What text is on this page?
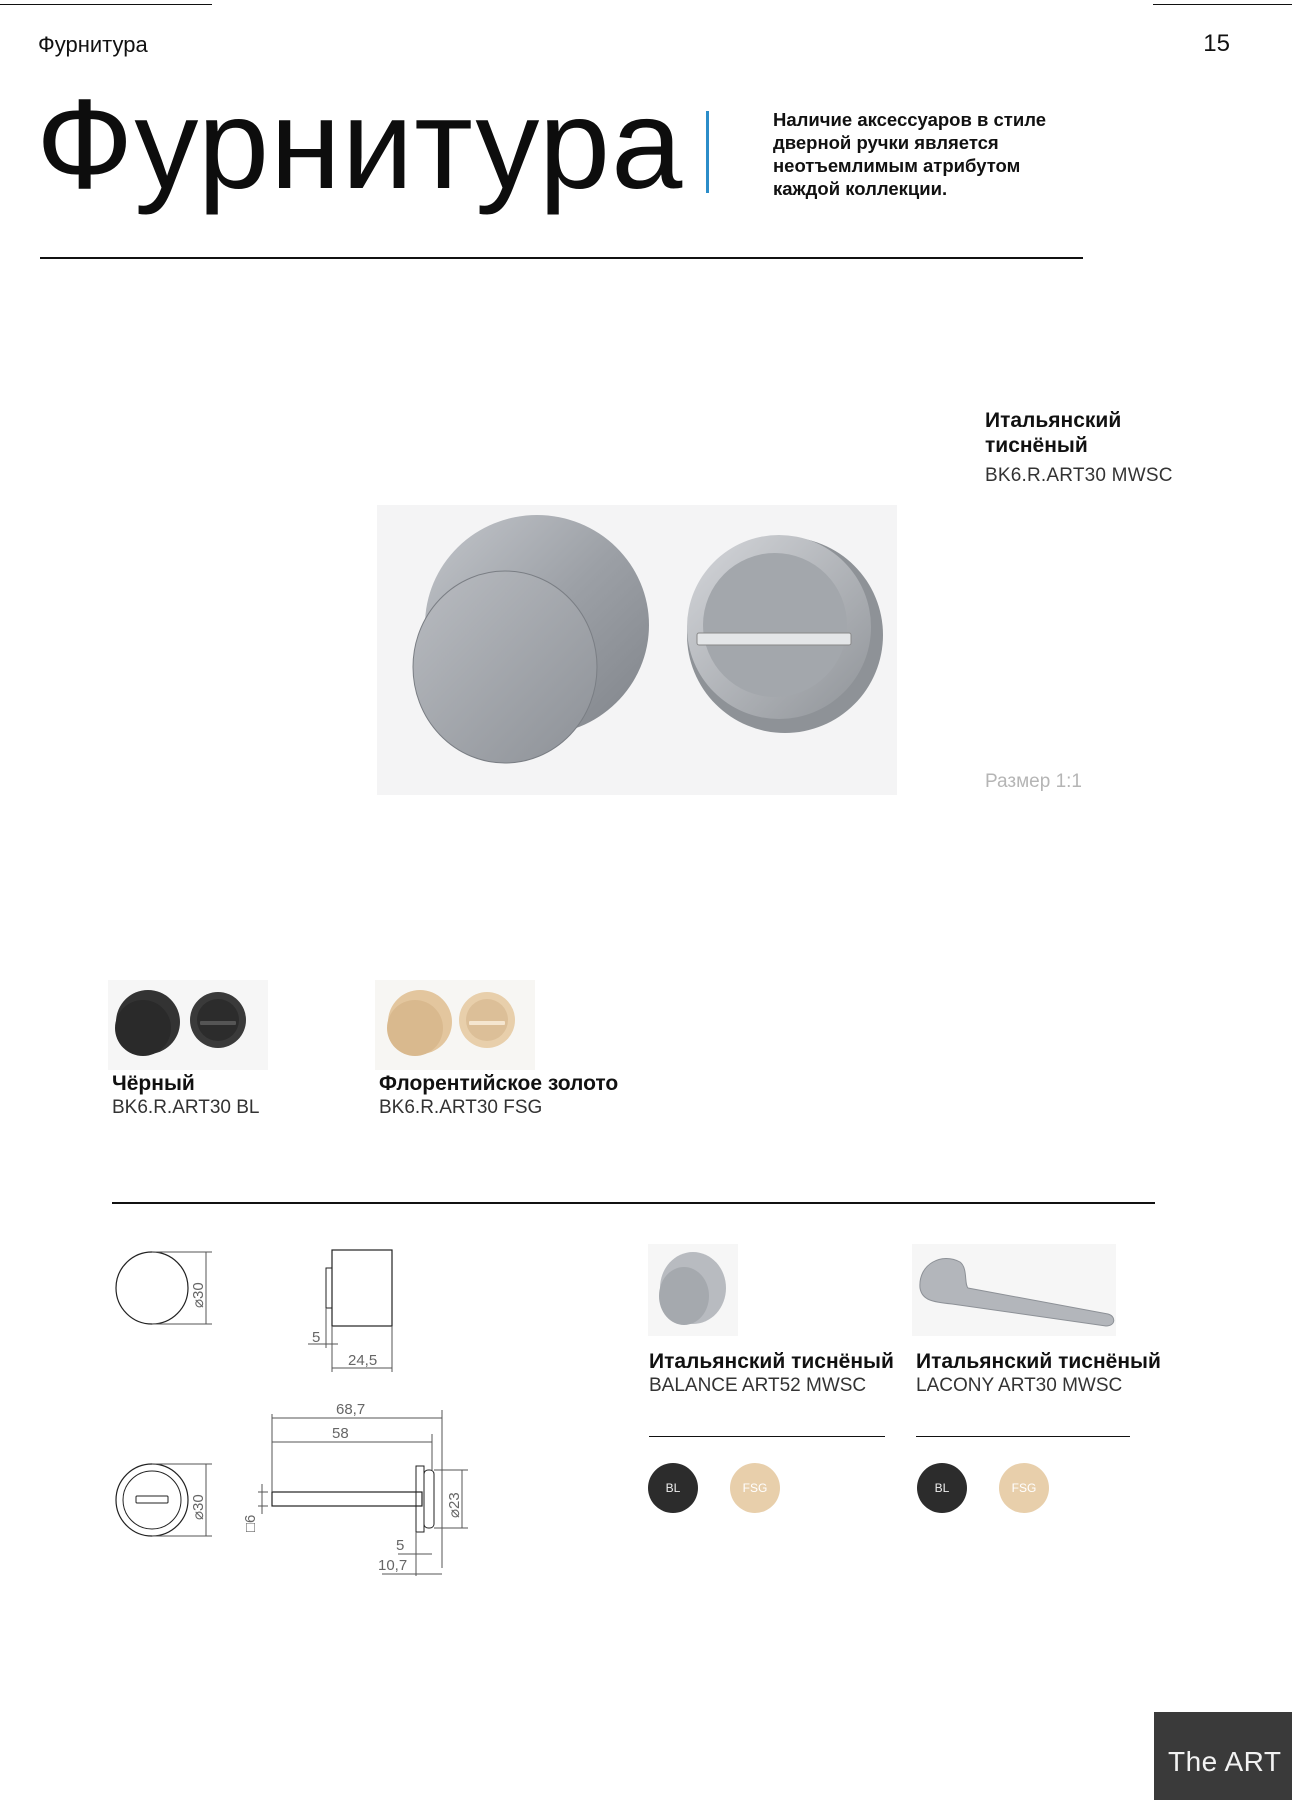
Фурнитура	15
Фурнитура	Наличие аксессуаров в стиле дверной ручки является неотъемлимым атрибутом каждой коллекции.
Итальянский тиснёный
BK6.R.ART30 MWSC
Размер 1:1
Чёрный
BK6.R.ART30 BL
Флорентийское золото
BK6.R.ART30 FSG
⌀30
5
24,5
⌀30
68,7
58
□6
⌀23
5
10,7
Итальянский тиснёный
BALANCE ART52 MWSC
BL	FSG
Итальянский тиснёный
LACONY ART30 MWSC
BL	FSG
The ART
